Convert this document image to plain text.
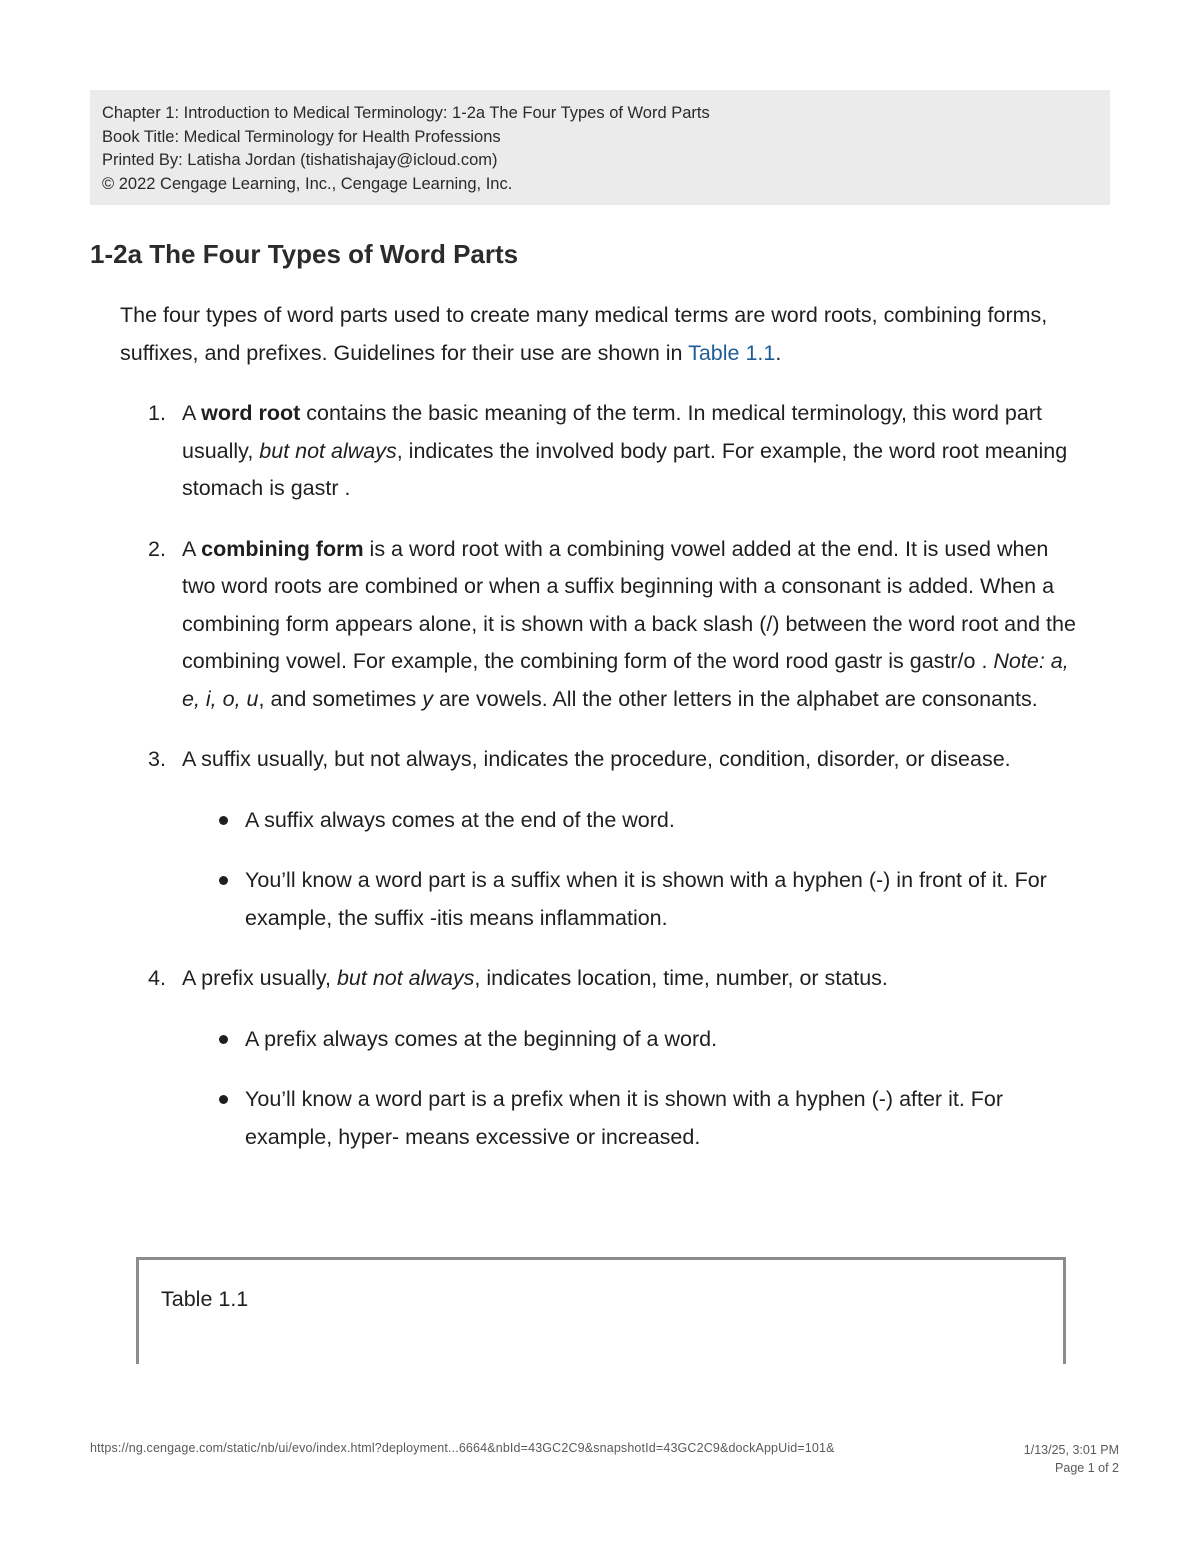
Chapter 1: Introduction to Medical Terminology: 1-2a The Four Types of Word Parts
Book Title: Medical Terminology for Health Professions
Printed By: Latisha Jordan (tishatishajay@icloud.com)
© 2022 Cengage Learning, Inc., Cengage Learning, Inc.
1-2a The Four Types of Word Parts

The four types of word parts used to create many medical terms are word roots, combining forms, suffixes, and prefixes. Guidelines for their use are shown in Table 1.1.

1. A word root contains the basic meaning of the term. In medical terminology, this word part usually, but not always, indicates the involved body part. For example, the word root meaning stomach is gastr .
2. A combining form is a word root with a combining vowel added at the end. It is used when two word roots are combined or when a suffix beginning with a consonant is added. When a combining form appears alone, it is shown with a back slash (/) between the word root and the combining vowel. For example, the combining form of the word rood gastr is gastr/o . Note: a, e, i, o, u, and sometimes y are vowels. All the other letters in the alphabet are consonants.
3. A suffix usually, but not always, indicates the procedure, condition, disorder, or disease.
A suffix always comes at the end of the word.
You’ll know a word part is a suffix when it is shown with a hyphen (-) in front of it. For example, the suffix -itis means inflammation.
4. A prefix usually, but not always, indicates location, time, number, or status.
A prefix always comes at the beginning of a word.
You’ll know a word part is a prefix when it is shown with a hyphen (-) after it. For example, hyper- means excessive or increased.
Table 1.1
https://ng.cengage.com/static/nb/ui/evo/index.html?deployment...6664&nbId=43GC2C9&snapshotId=43GC2C9&dockAppUid=101&	1/13/25, 3:01 PM
Page 1 of 2
